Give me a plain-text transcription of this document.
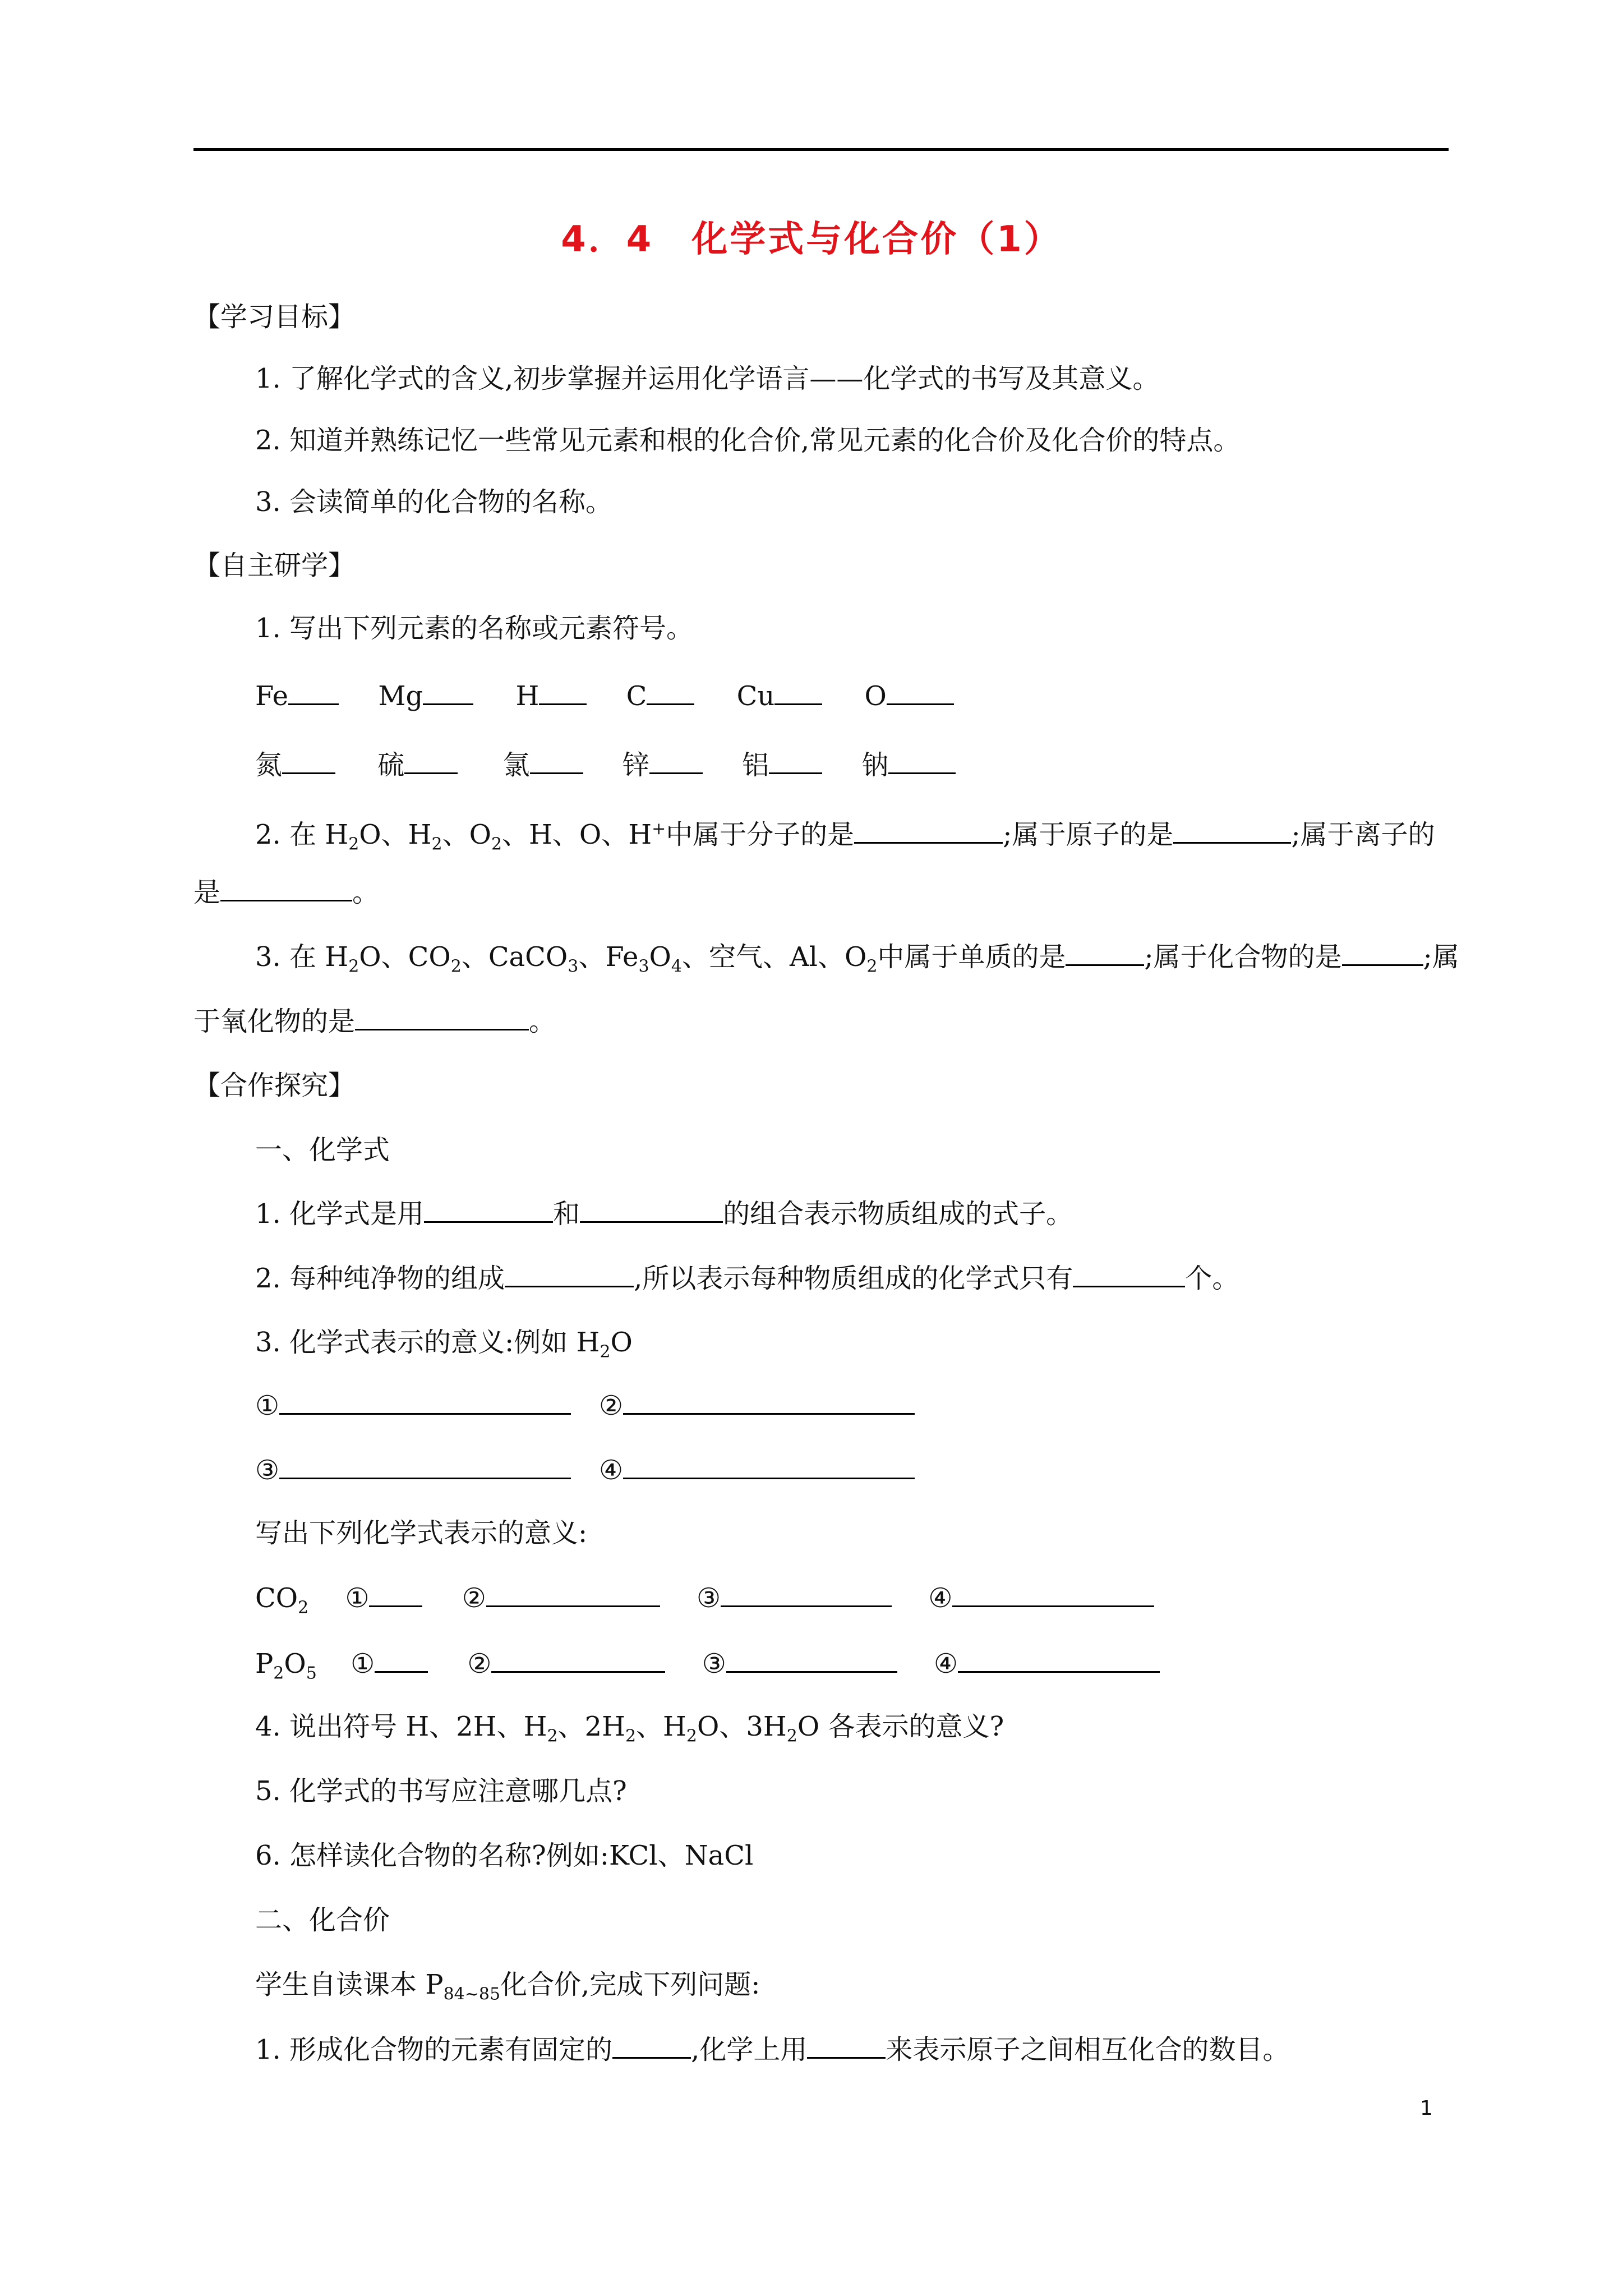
4．4　化学式与化合价（1）
【学习目标】
1. 了解化学式的含义,初步掌握并运用化学语言——化学式的书写及其意义。
2. 知道并熟练记忆一些常见元素和根的化合价,常见元素的化合价及化合价的特点。
3. 会读简单的化合物的名称。
【自主研学】
1. 写出下列元素的名称或元素符号。
Fe	Mg	H	C	Cu	O
氮	硫	氯	锌	铝	钠
2. 在 $H_2O$、$H_2$、$O_2$、H、O、H+中属于分子的是	;属于原子的是	;属于离子的
是	。
3. 在 $H_2O$、$CO_2$、CaCO$_3$、$Fe_3O_4$、空气、Al、$O_2$中属于单质的是	;属于化合物的是	;属
于氧化物的是	。
【合作探究】
一、化学式
1. 化学式是用	和	的组合表示物质组成的式子。
2. 每种纯净物的组成	,所以表示每种物质组成的化学式只有	个。
3. 化学式表示的意义:例如 $H_2O$
①	②
③	④
写出下列化学式表示的意义:
$CO_2$ ①	②	③	④
$P_2O_5$ ①	②	③	④
4. 说出符号 H、2H、$H_2$、$2H_2$、$H_2O$、$3H_2O$ 各表示的意义?
5. 化学式的书写应注意哪几点?
6. 怎样读化合物的名称?例如:KCl、NaCl
二、化合价
学生自读课本 $P_{84\sim 85}$化合价,完成下列问题:
1. 形成化合物的元素有固定的	,化学上用	来表示原子之间相互化合的数目。
1
